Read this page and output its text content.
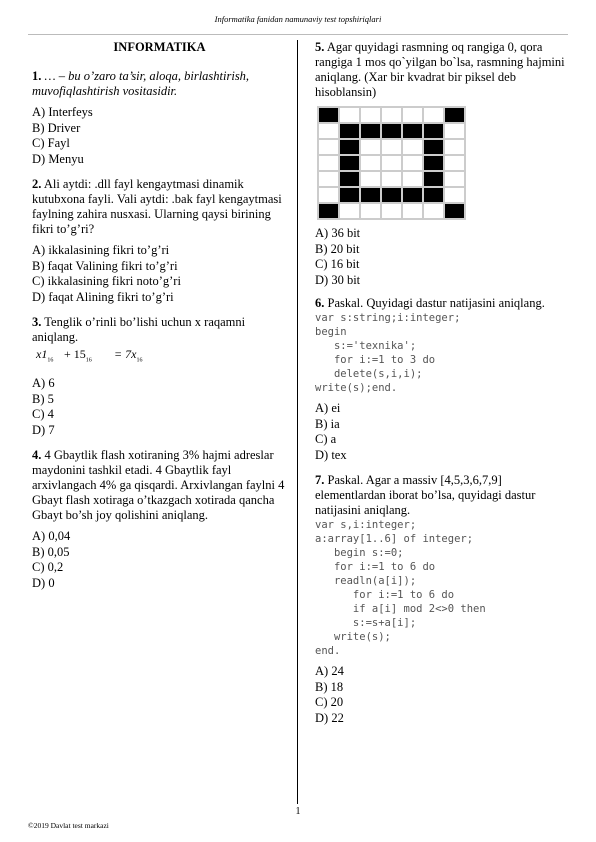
Informatika fanidan namunaviy test topshiriqlari
INFORMATIKA

1. … – bu o’zaro ta’sir, aloqa, birlashtirish, muvofiqlashtirish vositasidir.

A) Interfeys
B) Driver
C) Fayl
D) Menyu

2. Ali aytdi: .dll fayl kengaytmasi dinamik kutubxona fayli. Vali aytdi: .bak fayl kengaytmasi faylning zahira nusxasi. Ularning qaysi birining fikri to’g’ri?

A) ikkalasining fikri to’g’ri
B) faqat Valining fikri to’g’ri
C) ikkalasining fikri noto’g’ri
D) faqat Alining fikri to’g’ri

3. Tenglik o’rinli bo’lishi uchun x raqamni aniqlang.

$x1_{16} + 15_{16} = 7x_{16}$
A) 6
B) 5
C) 4
D) 7

4. 4 Gbaytlik flash xotiraning 3% hajmi adreslar maydonini tashkil etadi. 4 Gbaytlik fayl arxivlangach 4% ga qisqardi. Arxivlangan faylni 4 Gbayt flash xotiraga o’tkazgach xotirada qancha Gbayt bo’sh joy qolishini aniqlang.

A) 0,04
B) 0,05
C) 0,2
D) 0

5. Agar quyidagi rasmning oq rangiga 0, qora rangiga 1 mos qo`yilgan bo`lsa, rasmning hajmini aniqlang. (Xar bir kvadrat bir piksel deb hisoblansin)

A) 36 bit
B) 20 bit
C) 16 bit
D) 30 bit

6. Paskal. Quyidagi dastur natijasini aniqlang.

var s:string;i:integer;
begin
s:='texnika';
for i:=1 to 3 do
delete(s,i,i);
write(s);end.
A) ei
B) ia
C) a
D) tex

7. Paskal. Agar a massiv [4,5,3,6,7,9] elementlardan iborat bo’lsa, quyidagi dastur natijasini aniqlang.

var s,i:integer;
a:array[1..6] of integer;
begin s:=0;
for i:=1 to 6 do
readln(a[i]);
for i:=1 to 6 do
if a[i] mod 2<>0 then
s:=s+a[i];
write(s);
end.
A) 24
B) 18
C) 20
D) 22
1
©2019 Davlat test markazi
